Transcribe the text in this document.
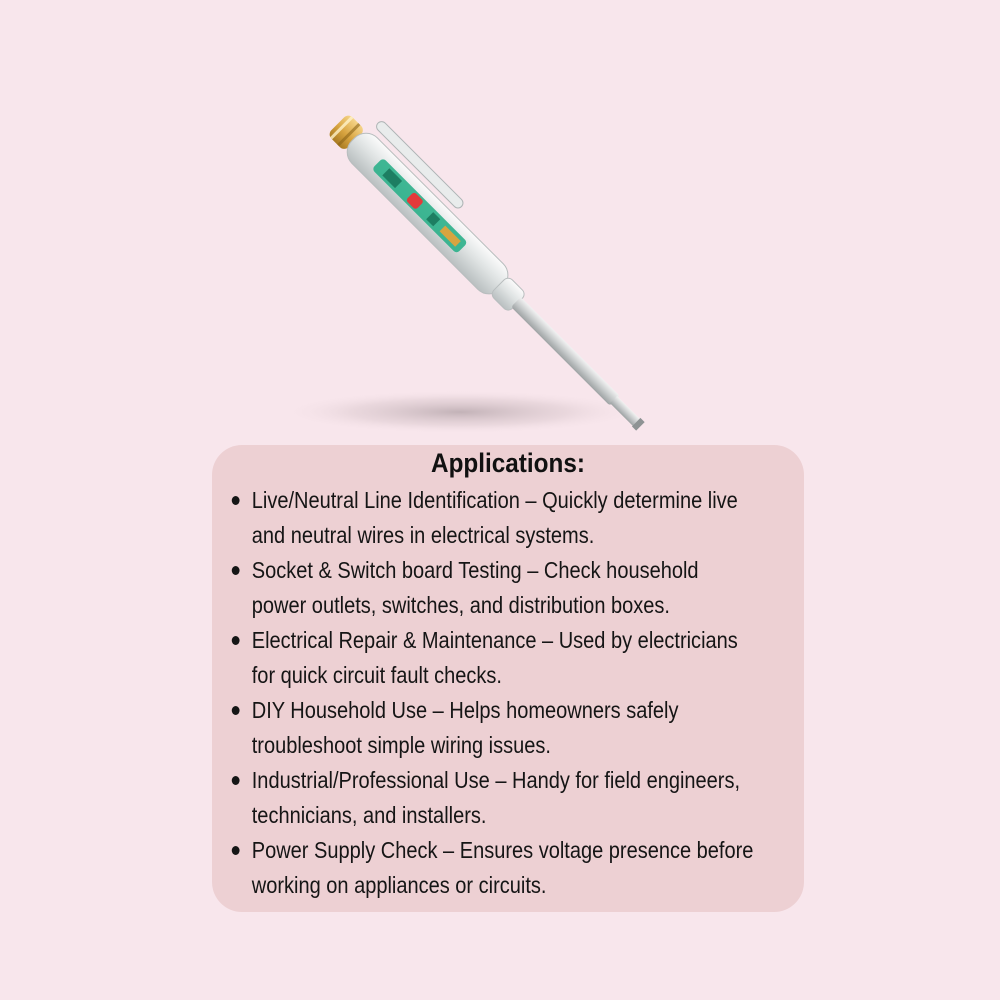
Applications:
Live/Neutral Line Identification – Quickly determine live
and neutral wires in electrical systems.
Socket & Switch board Testing – Check household
power outlets, switches, and distribution boxes.
Electrical Repair & Maintenance – Used by electricians
for quick circuit fault checks.
DIY Household Use – Helps homeowners safely
troubleshoot simple wiring issues.
Industrial/Professional Use – Handy for field engineers,
technicians, and installers.
Power Supply Check – Ensures voltage presence before
working on appliances or circuits.
